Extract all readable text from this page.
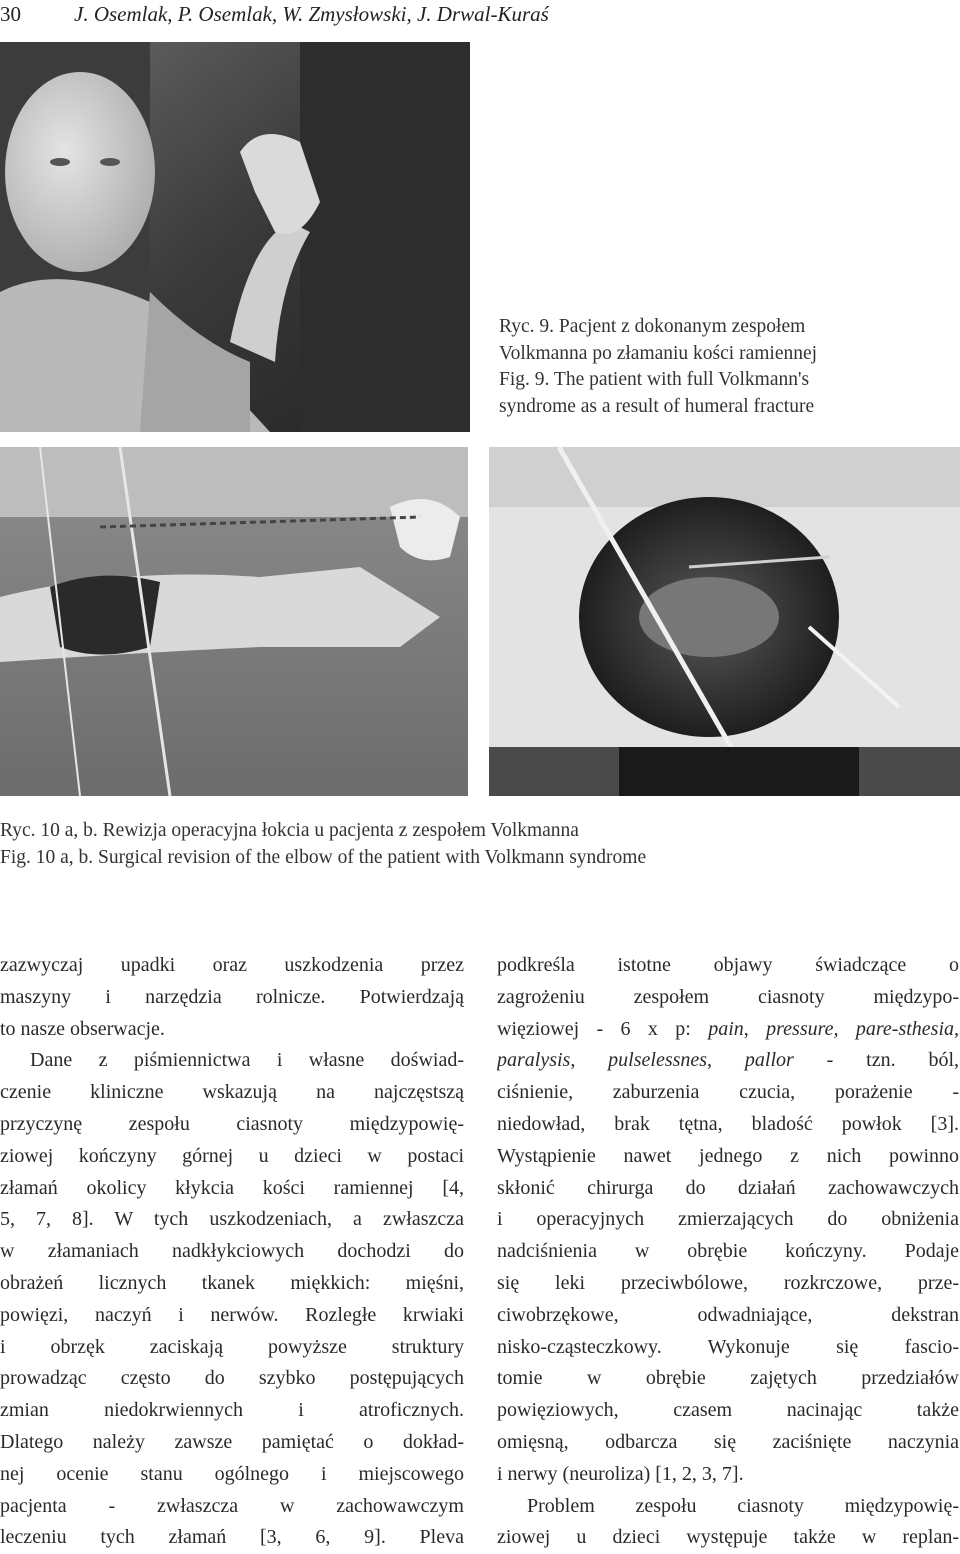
30	J. Osemlak, P. Osemlak, W. Zmysłowski, J. Drwal-Kuraś
Ryc. 9. Pacjent z dokonanym zespołem
Volkmanna po złamaniu kości ramiennej
Fig. 9. The patient with full Volkmann's
syndrome as a result of humeral fracture
Ryc. 10 a, b. Rewizja operacyjna łokcia u pacjenta z zespołem Volkmanna
Fig. 10 a, b. Surgical revision of the elbow of the patient with Volkmann syndrome
zazwyczaj upadki oraz uszkodzenia przez
maszyny i narzędzia rolnicze. Potwierdzają
to nasze obserwacje.
Dane z piśmiennictwa i własne doświad-
czenie kliniczne wskazują na najczęstszą
przyczynę zespołu ciasnoty międzypowię-
ziowej kończyny górnej u dzieci w postaci
złamań okolicy kłykcia kości ramiennej [4,
5, 7, 8]. W tych uszkodzeniach, a zwłaszcza
w złamaniach nadkłykciowych dochodzi do
obrażeń licznych tkanek miękkich: mięśni,
powięzi, naczyń i nerwów. Rozległe krwiaki
i obrzęk zaciskają powyższe struktury
prowadząc często do szybko postępujących
zmian niedokrwiennych i atroficznych.
Dlatego należy zawsze pamiętać o dokład-
nej ocenie stanu ogólnego i miejscowego
pacjenta - zwłaszcza w zachowawczym
leczeniu tych złamań [3, 6, 9]. Pleva
podkreśla istotne objawy świadczące o
zagrożeniu zespołem ciasnoty międzypo-
więziowej - 6 x p: pain, pressure, pare-sthesia,
paralysis, pulselessnes, pallor - tzn. ból,
ciśnienie, zaburzenia czucia, porażenie -
niedowład, brak tętna, bladość powłok [3].
Wystąpienie nawet jednego z nich powinno
skłonić chirurga do działań zachowawczych
i operacyjnych zmierzających do obniżenia
nadciśnienia w obrębie kończyny. Podaje
się leki przeciwbólowe, rozkrczowe, prze-
ciwobrzękowe, odwadniające, dekstran
nisko-cząsteczkowy. Wykonuje się fascio-
tomie w obrębie zajętych przedziałów
powięziowych, czasem nacinając także
omięsną, odbarcza się zaciśnięte naczynia
i nerwy (neuroliza) [1, 2, 3, 7].
Problem zespołu ciasnoty międzypowię-
ziowej u dzieci występuje także w replan-
